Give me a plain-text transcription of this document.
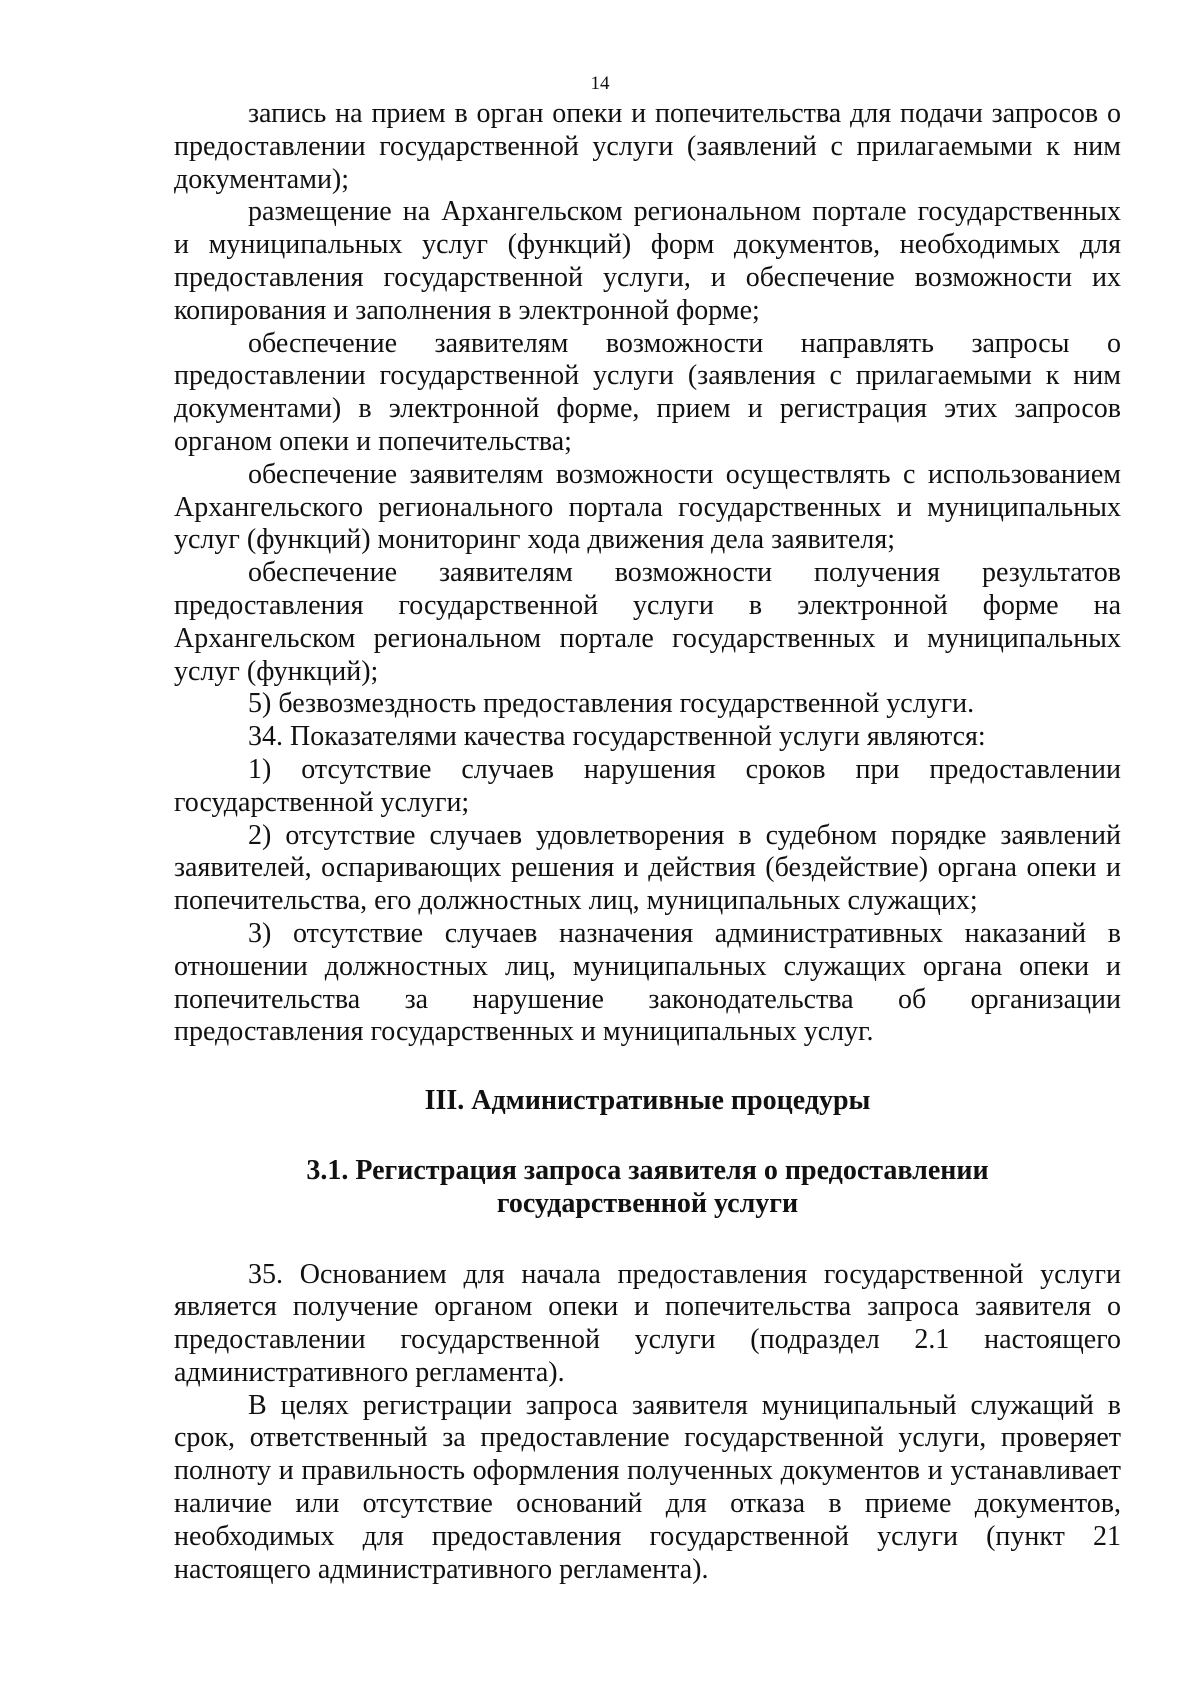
14

запись на прием в орган опеки и попечительства для подачи запросов о предоставлении государственной услуги (заявлений с прилагаемыми к ним документами);

размещение на Архангельском региональном портале государственных и муниципальных услуг (функций) форм документов, необходимых для предоставления государственной услуги, и обеспечение возможности их копирования и заполнения в электронной форме;

обеспечение заявителям возможности направлять запросы о предоставлении государственной услуги (заявления с прилагаемыми к ним документами) в электронной форме, прием и регистрация этих запросов органом опеки и попечительства;

обеспечение заявителям возможности осуществлять с использованием Архангельского регионального портала государственных и муниципальных услуг (функций) мониторинг хода движения дела заявителя;

обеспечение заявителям возможности получения результатов предоставления государственной услуги в электронной форме на Архангельском региональном портале государственных и муниципальных услуг (функций);

5) безвозмездность предоставления государственной услуги.

34. Показателями качества государственной услуги являются:

1) отсутствие случаев нарушения сроков при предоставлении государственной услуги;

2) отсутствие случаев удовлетворения в судебном порядке заявлений заявителей, оспаривающих решения и действия (бездействие) органа опеки и попечительства, его должностных лиц, муниципальных служащих;

3) отсутствие случаев назначения административных наказаний в отношении должностных лиц, муниципальных служащих органа опеки и попечительства за нарушение законодательства об организации предоставления государственных и муниципальных услуг.

III. Административные процедуры

3.1. Регистрация запроса заявителя о предоставлении

государственной услуги

35. Основанием для начала предоставления государственной услуги является получение органом опеки и попечительства запроса заявителя о предоставлении государственной услуги (подраздел 2.1 настоящего административного регламента).

В целях регистрации запроса заявителя муниципальный служащий в срок, ответственный за предоставление государственной услуги, проверяет полноту и правильность оформления полученных документов и устанавливает наличие или отсутствие оснований для отказа в приеме документов, необходимых для предоставления государственной услуги (пункт 21 настоящего административного регламента).
